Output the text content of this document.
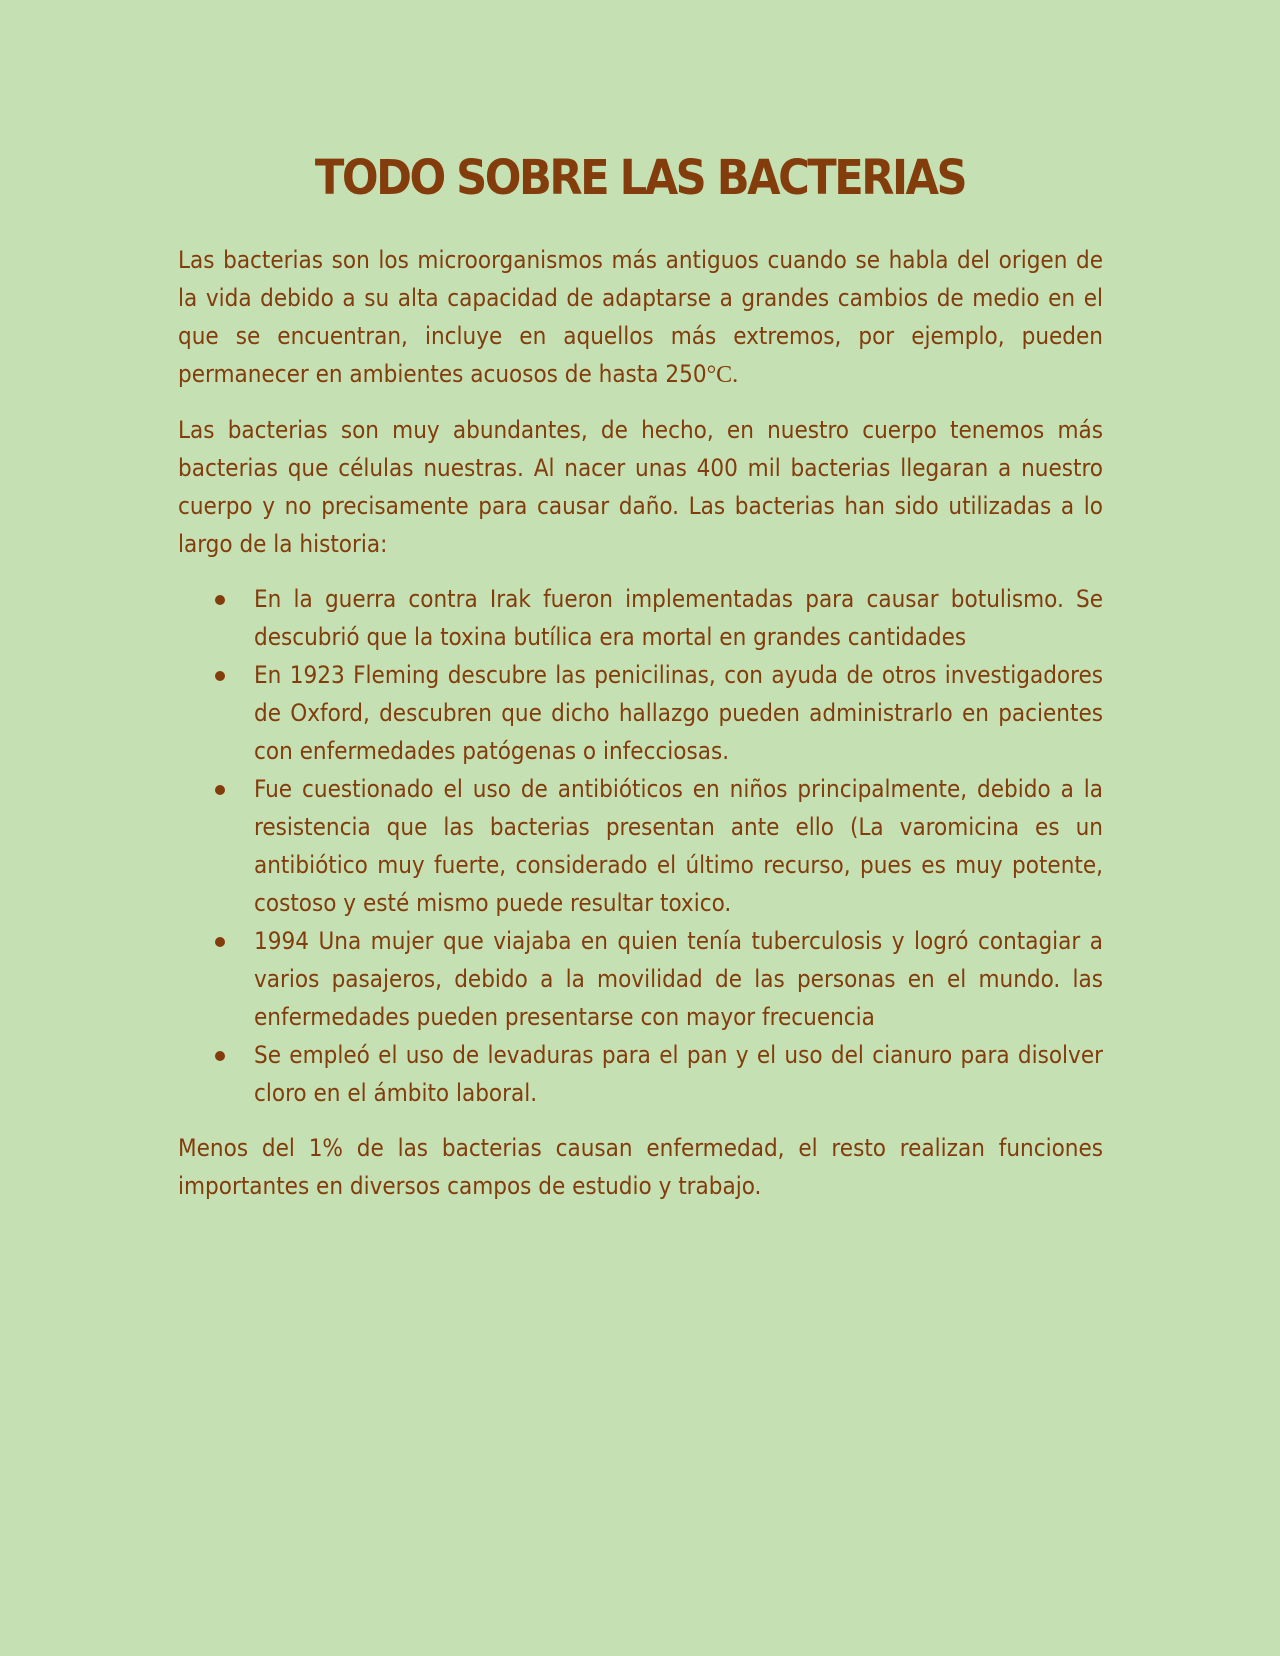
TODO SOBRE LAS BACTERIAS

Las bacterias son los microorganismos más antiguos cuando se habla del origen de la vida debido a su alta capacidad de adaptarse a grandes cambios de medio en el que se encuentran, incluye en aquellos más extremos, por ejemplo, pueden permanecer en ambientes acuosos de hasta 250°C.

Las bacterias son muy abundantes, de hecho, en nuestro cuerpo tenemos más bacterias que células nuestras. Al nacer unas 400 mil bacterias llegaran a nuestro cuerpo y no precisamente para causar daño. Las bacterias han sido utilizadas a lo largo de la historia:

En la guerra contra Irak fueron implementadas para causar botulismo. Se descubrió que la toxina butílica era mortal en grandes cantidades
En 1923 Fleming descubre las penicilinas, con ayuda de otros investigadores de Oxford, descubren que dicho hallazgo pueden administrarlo en pacientes con enfermedades patógenas o infecciosas.
Fue cuestionado el uso de antibióticos en niños principalmente, debido a la resistencia que las bacterias presentan ante ello (La varomicina es un antibiótico muy fuerte, considerado el último recurso, pues es muy potente, costoso y esté mismo puede resultar toxico.
1994 Una mujer que viajaba en quien tenía tuberculosis y logró contagiar a varios pasajeros, debido a la movilidad de las personas en el mundo. las enfermedades pueden presentarse con mayor frecuencia
Se empleó el uso de levaduras para el pan y el uso del cianuro para disolver cloro en el ámbito laboral.

Menos del 1% de las bacterias causan enfermedad, el resto realizan funciones importantes en diversos campos de estudio y trabajo.
